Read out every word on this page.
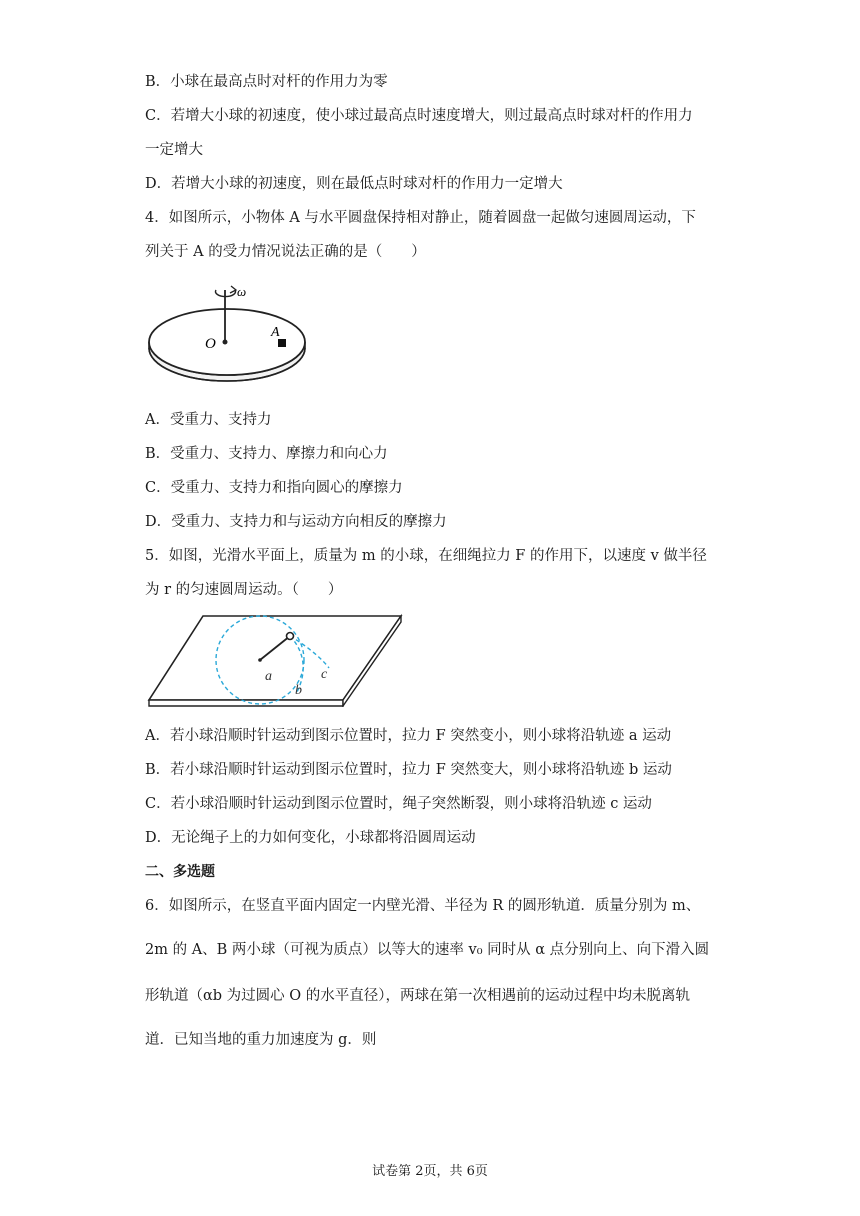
B．小球在最高点时对杆的作用力为零
C．若增大小球的初速度，使小球过最高点时速度增大，则过最高点时球对杆的作用力
一定增大
D．若增大小球的初速度，则在最低点时球对杆的作用力一定增大
4．如图所示，小物体 A 与水平圆盘保持相对静止，随着圆盘一起做匀速圆周运动，下
列关于 A 的受力情况说法正确的是（　　）
ω
O
A
A．受重力、支持力
B．受重力、支持力、摩擦力和向心力
C．受重力、支持力和指向圆心的摩擦力
D．受重力、支持力和与运动方向相反的摩擦力
5．如图，光滑水平面上，质量为 m 的小球，在细绳拉力 F 的作用下，以速度 v 做半径
为 r 的匀速圆周运动。（　　）
a
b
c
A．若小球沿顺时针运动到图示位置时，拉力 F 突然变小，则小球将沿轨迹 a 运动
B．若小球沿顺时针运动到图示位置时，拉力 F 突然变大，则小球将沿轨迹 b 运动
C．若小球沿顺时针运动到图示位置时，绳子突然断裂，则小球将沿轨迹 c 运动
D．无论绳子上的力如何变化，小球都将沿圆周运动
二、多选题
6．如图所示，在竖直平面内固定一内壁光滑、半径为 R 的圆形轨道．质量分别为 m、
2m 的 A、B 两小球（可视为质点）以等大的速率 v₀ 同时从 α 点分别向上、向下滑入圆
形轨道（αb 为过圆心 O 的水平直径），两球在第一次相遇前的运动过程中均未脱离轨
道．已知当地的重力加速度为 g．则
试卷第 2页，共 6页
